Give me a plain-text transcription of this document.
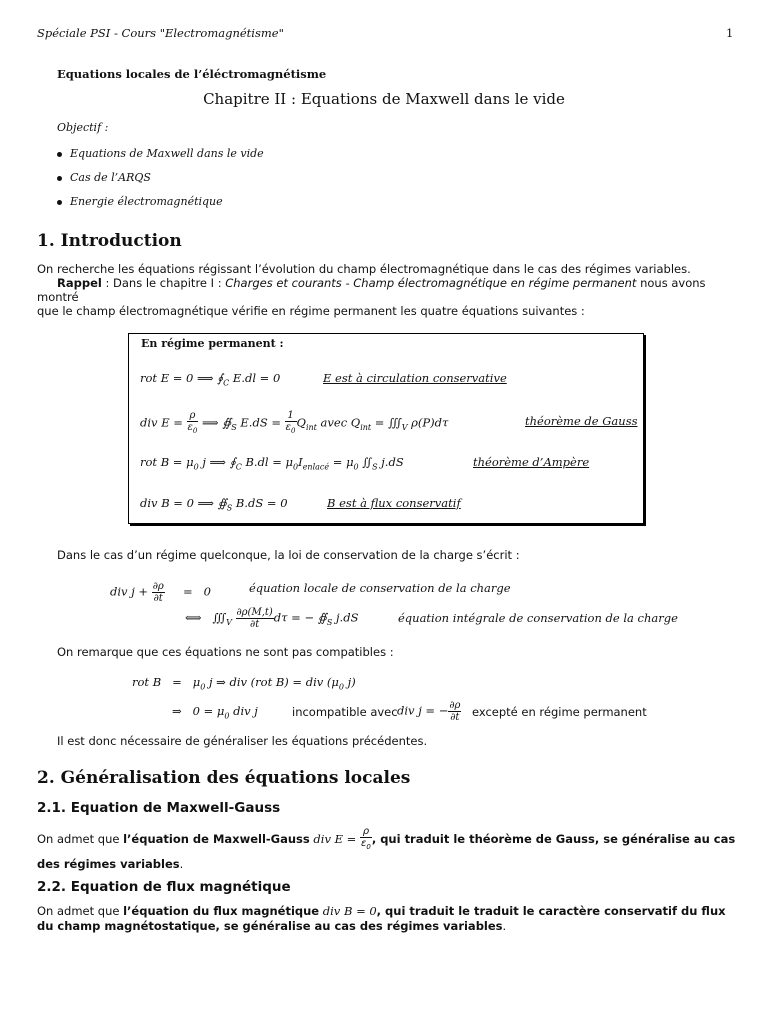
Spéciale PSI - Cours "Electromagnétisme"	1
Equations locales de l’éléctromagnétisme
Chapitre II : Equations de Maxwell dans le vide
Objectif :
Equations de Maxwell dans le vide
Cas de l’ARQS
Energie électromagnétique
1. Introduction
On recherche les équations régissant l’évolution du champ électromagnétique dans le cas des régimes variables.
Rappel : Dans le chapitre I : Charges et courants - Champ électromagnétique en régime permanent nous avons montré
que le champ électromagnétique vérifie en régime permanent les quatre équations suivantes :
En régime permanent :
rot E = 0 ⟹ $∮_C$ E.dl = 0	E est à circulation conservative
div $E = \frac{\rho}{\varepsilon_0}$ ⟹ $∯_S$ $E.dS = \frac{1}{\varepsilon_0} Q_{int}$ avec $Q_{int}$ = $∭_V$ ρ(P)dτ	théorème de Gauss
rot $B = \mu_0$ j ⟹ $∮_C$ $B.dl = \mu_0I_{enlacé} = \mu_0$ $∬_S$ j.dS	théorème d’Ampère
div B = 0 ⟹ $∯_S$ B.dS = 0	B est à flux conservatif
Dans le cas d’un régime quelconque, la loi de conservation de la charge s’écrit :
div $j + \frac{\partial\rho}{\partial t} = 0$	équation locale de conservation de la charge
⟺   $∭_V \frac{\partial\rho(M,t)}{\partial t}$ dτ = − $∯_S$ j.dS	équation intégrale de conservation de la charge
On remarque que ces équations ne sont pas compatibles :
rot $B = \mu_0$ j ⇒ div (rot B) = div ($\mu_0$ j)
⇒   $0 = \mu_0$ div j	incompatible avec div j = − $\frac{\partial\rho}{\partial t}$ excepté en régime permanent
Il est donc nécessaire de généraliser les équations précédentes.
2. Généralisation des équations locales
2.1. Equation de Maxwell-Gauss
On admet que l’équation de Maxwell-Gauss div $E = \frac{\rho}{\varepsilon_0}$ , qui traduit le théorème de Gauss, se généralise au cas
des régimes variables.
2.2. Equation de flux magnétique
On admet que l’équation du flux magnétique div B = 0, qui traduit le traduit le caractère conservatif du flux
du champ magnétostatique, se généralise au cas des régimes variables.
